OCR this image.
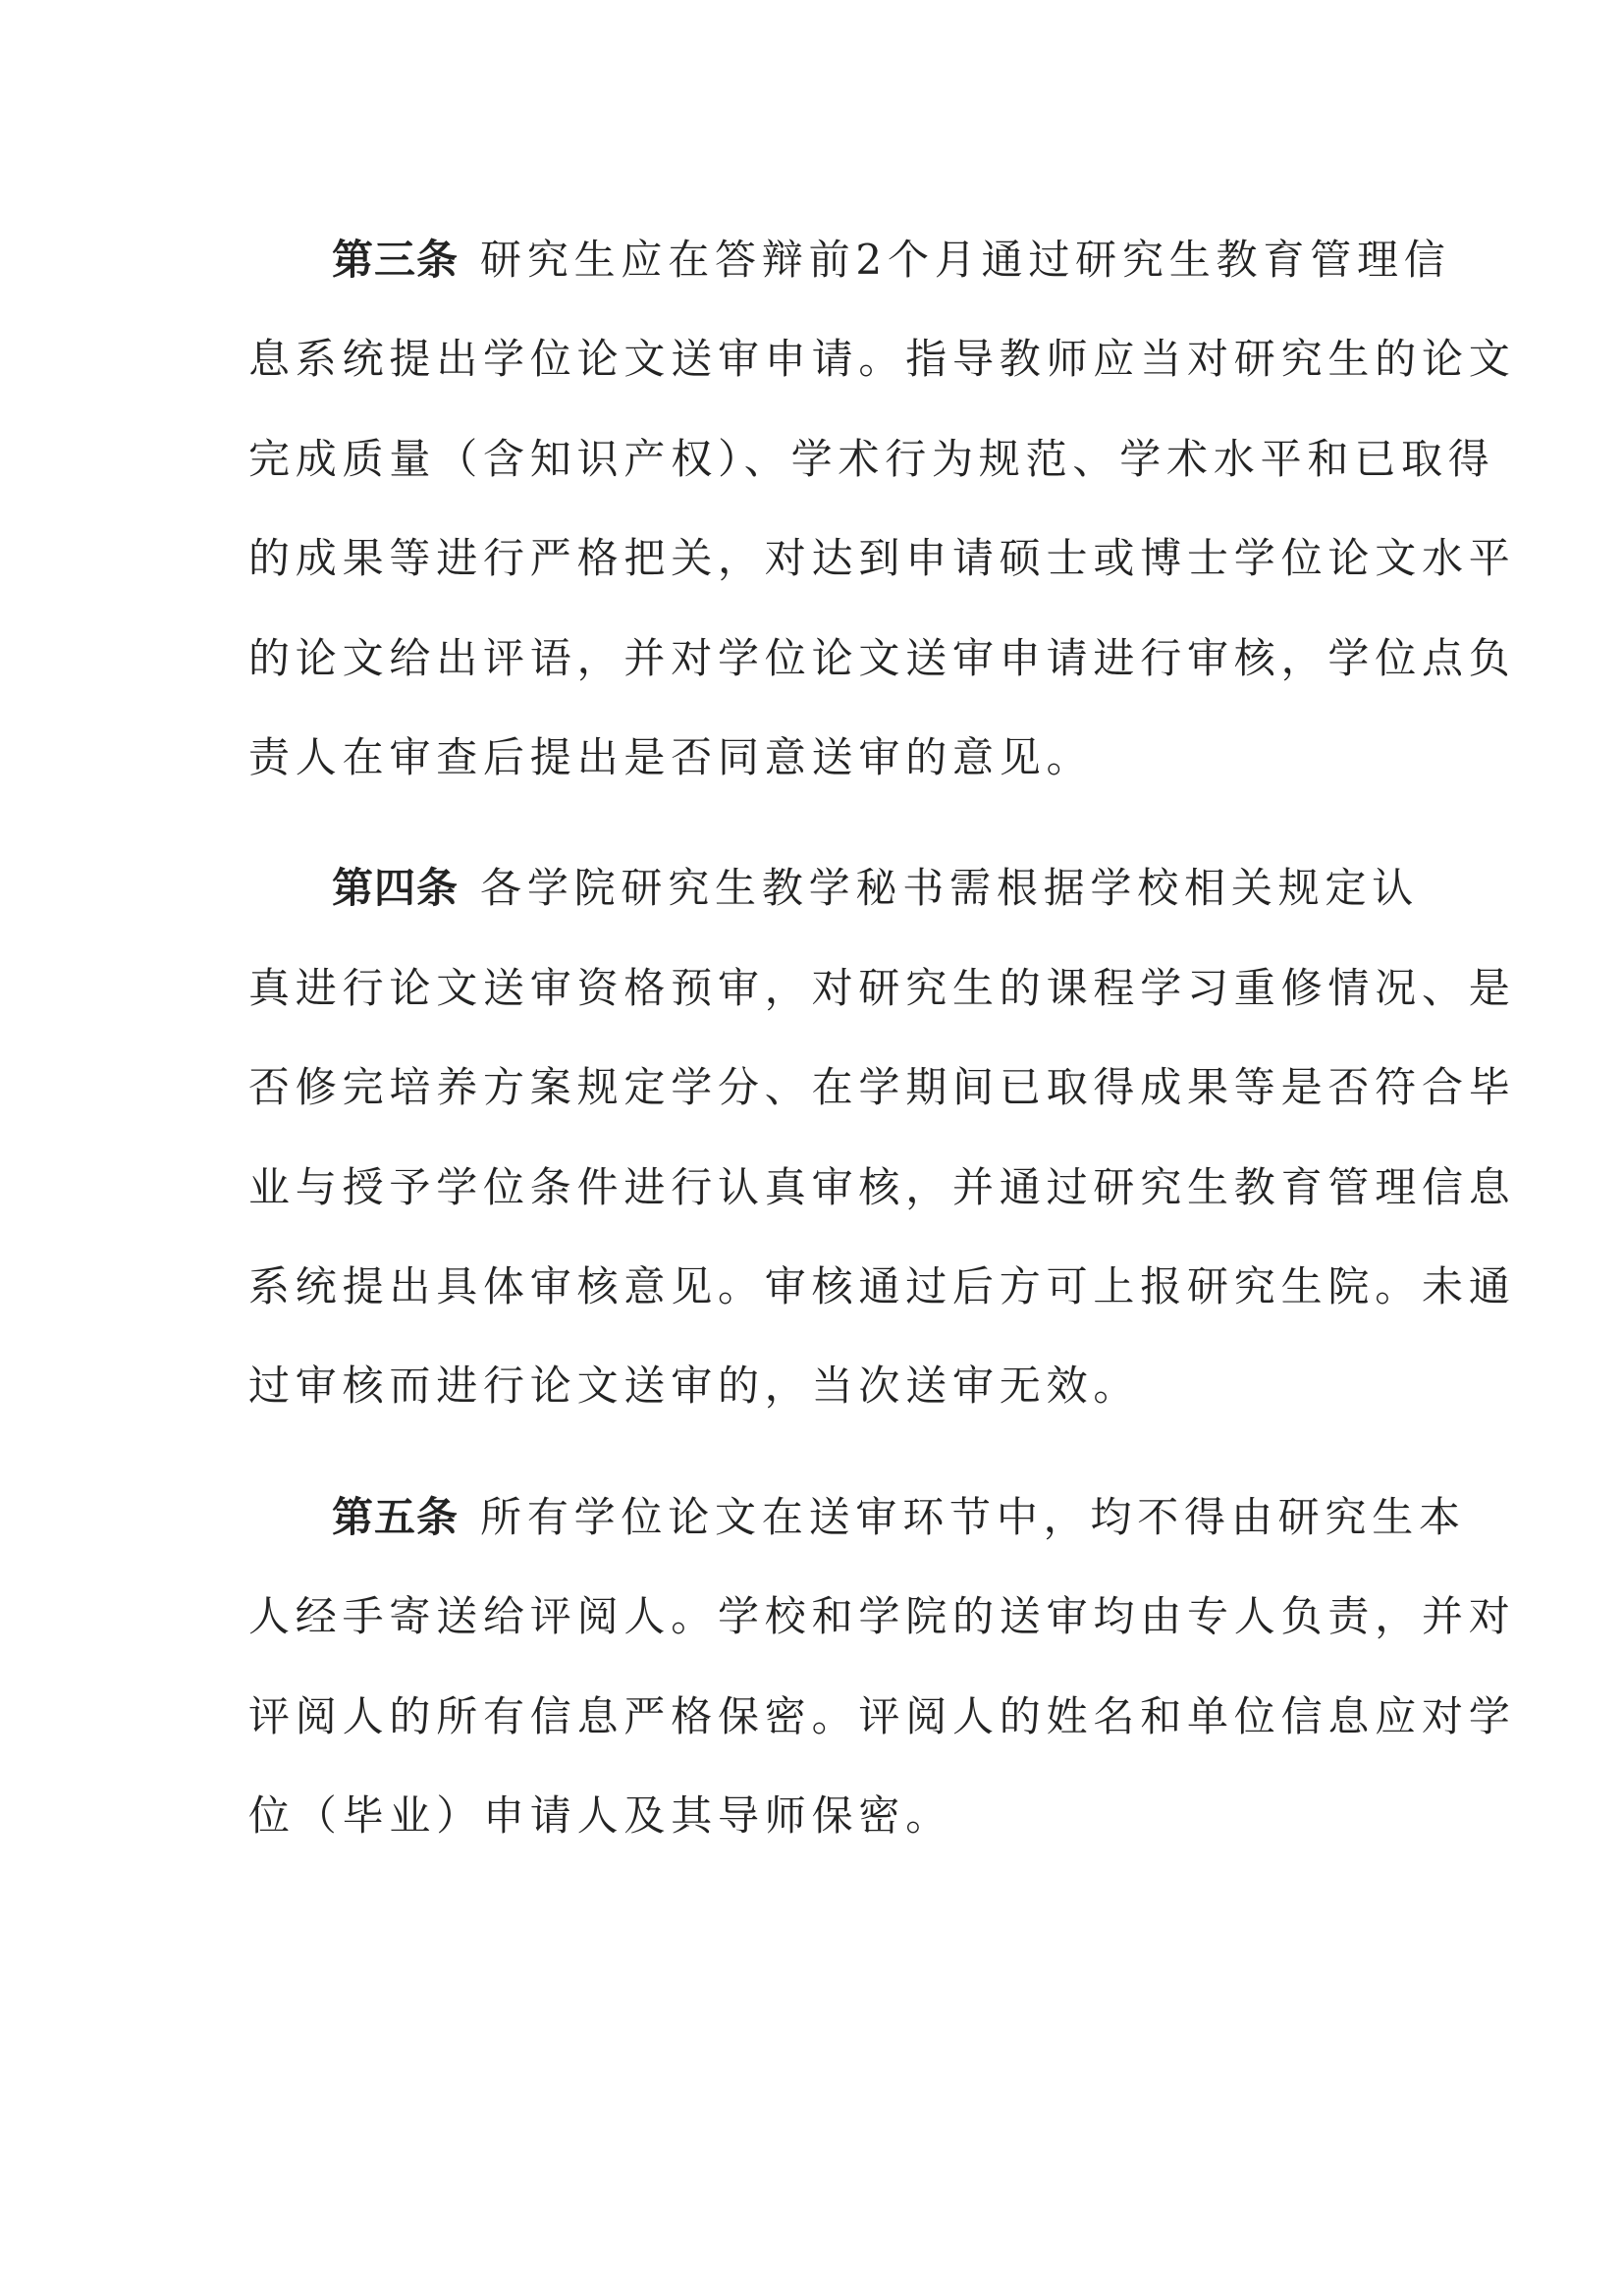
第三条 研究生应在答辩前2个月通过研究生教育管理信
息系统提出学位论文送审申请。指导教师应当对研究生的论文
完成质量（含知识产权）、学术行为规范、学术水平和已取得
的成果等进行严格把关，对达到申请硕士或博士学位论文水平
的论文给出评语，并对学位论文送审申请进行审核，学位点负
责人在审查后提出是否同意送审的意见。
第四条 各学院研究生教学秘书需根据学校相关规定认
真进行论文送审资格预审，对研究生的课程学习重修情况、是
否修完培养方案规定学分、在学期间已取得成果等是否符合毕
业与授予学位条件进行认真审核，并通过研究生教育管理信息
系统提出具体审核意见。审核通过后方可上报研究生院。未通
过审核而进行论文送审的，当次送审无效。
第五条 所有学位论文在送审环节中，均不得由研究生本
人经手寄送给评阅人。学校和学院的送审均由专人负责，并对
评阅人的所有信息严格保密。评阅人的姓名和单位信息应对学
位（毕业）申请人及其导师保密。
